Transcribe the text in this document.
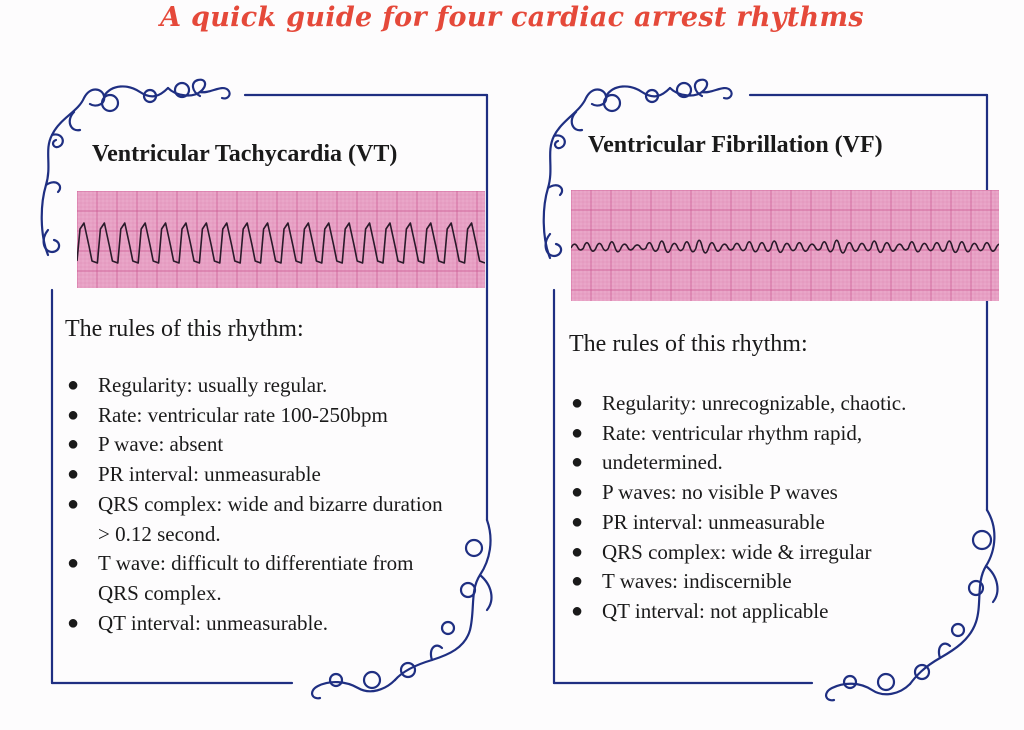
A quick guide for four cardiac arrest rhythms
Ventricular Tachycardia (VT)
The rules of this rhythm:
● Regularity: usually regular.
● Rate: ventricular rate 100-250bpm
● P wave: absent
● PR interval: unmeasurable
● QRS complex: wide and bizarre duration
> 0.12 second.
● T wave: difficult to differentiate from
QRS complex.
● QT interval: unmeasurable.
Ventricular Fibrillation (VF)
The rules of this rhythm:
● Regularity: unrecognizable, chaotic.
● Rate: ventricular rhythm rapid,
● undetermined.
● P waves: no visible P waves
● PR interval: unmeasurable
● QRS complex: wide & irregular
● T waves: indiscernible
● QT interval: not applicable
